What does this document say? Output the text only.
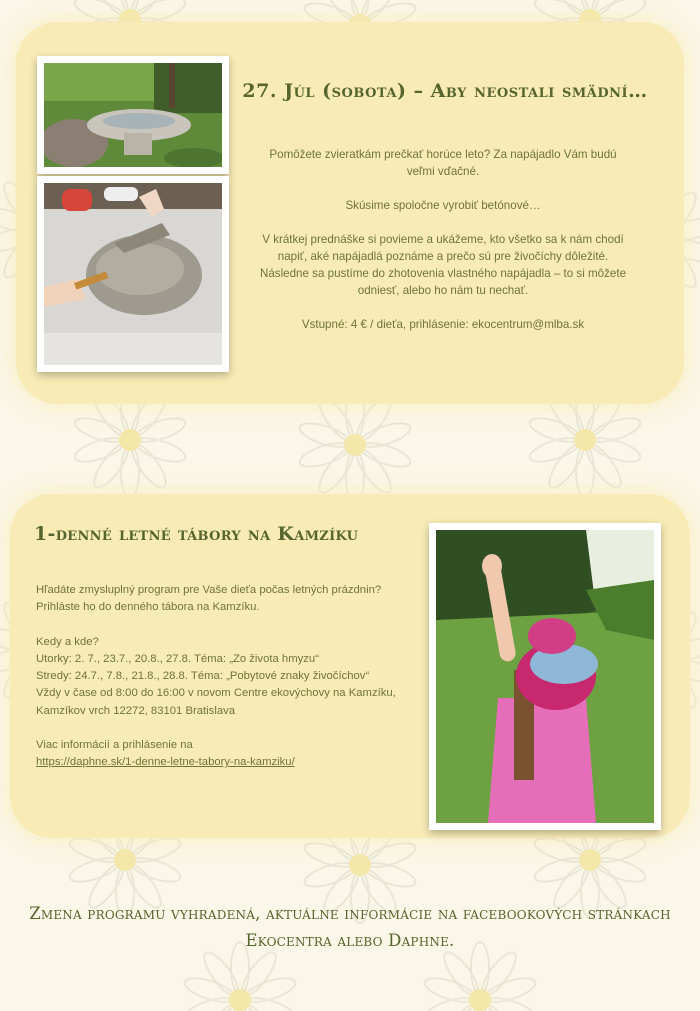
27. Júl (sobota) – Aby neostali smädní…

Pomôžete zvieratkám prečkať horúce leto? Za napájadlo Vám budú veľmi vďačné.

Skúsime spoločne vyrobiť betónové…

V krátkej prednáške si povieme a ukážeme, kto všetko sa k nám chodí napiť, aké napájadlá poznáme a prečo sú pre živočíchy dôležité. Následne sa pustíme do zhotovenia vlastného napájadla – to si môžete odniesť, alebo ho nám tu nechať.

Vstupné: 4 € / dieťa, prihlásenie: ekocentrum@mlba.sk

1-denné letné tábory na Kamzíku

Hľadáte zmysluplný program pre Vaše dieťa počas letných prázdnin?
Prihláste ho do denného tábora na Kamzíku.

Kedy a kde?
Utorky: 2. 7., 23.7., 20.8., 27.8. Téma: „Zo života hmyzu“
Stredy: 24.7., 7.8., 21.8., 28.8. Téma: „Pobytové znaky živočíchov“
Vždy v čase od 8:00 do 16:00 v novom Centre ekovýchovy na Kamzíku,
Kamzíkov vrch 12272, 83101 Bratislava

Viac informácií a prihlásenie na
https://daphne.sk/1-denne-letne-tabory-na-kamziku/

Zmena programu vyhradená, aktuálne informácie na facebookových stránkach
Ekocentra alebo Daphne.
